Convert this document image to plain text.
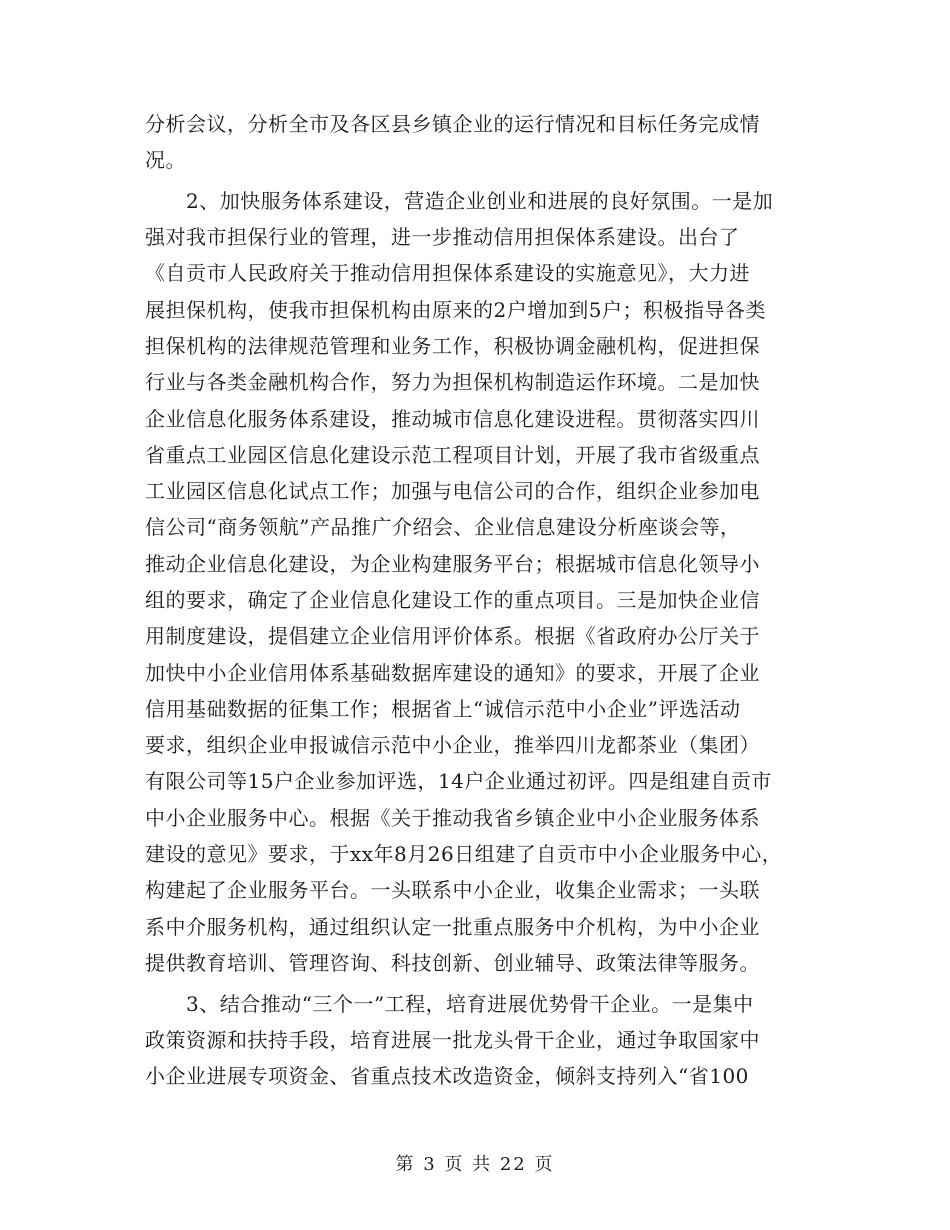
分析会议，分析全市及各区县乡镇企业的运行情况和目标任务完成情
况。
2、加快服务体系建设，营造企业创业和进展的良好氛围。一是加
强对我市担保行业的管理，进一步推动信用担保体系建设。出台了
《自贡市人民政府关于推动信用担保体系建设的实施意见》，大力进
展担保机构，使我市担保机构由原来的2户增加到5户；积极指导各类
担保机构的法律规范管理和业务工作，积极协调金融机构，促进担保
行业与各类金融机构合作，努力为担保机构制造运作环境。二是加快
企业信息化服务体系建设，推动城市信息化建设进程。贯彻落实四川
省重点工业园区信息化建设示范工程项目计划，开展了我市省级重点
工业园区信息化试点工作；加强与电信公司的合作，组织企业参加电
信公司“商务领航”产品推广介绍会、企业信息建设分析座谈会等，
推动企业信息化建设，为企业构建服务平台；根据城市信息化领导小
组的要求，确定了企业信息化建设工作的重点项目。三是加快企业信
用制度建设，提倡建立企业信用评价体系。根据《省政府办公厅关于
加快中小企业信用体系基础数据库建设的通知》的要求，开展了企业
信用基础数据的征集工作；根据省上“诚信示范中小企业”评选活动
要求，组织企业申报诚信示范中小企业，推举四川龙都茶业（集团）
有限公司等15户企业参加评选，14户企业通过初评。四是组建自贡市
中小企业服务中心。根据《关于推动我省乡镇企业中小企业服务体系
建设的意见》要求，于xx年8月26日组建了自贡市中小企业服务中心，
构建起了企业服务平台。一头联系中小企业，收集企业需求；一头联
系中介服务机构，通过组织认定一批重点服务中介机构，为中小企业
提供教育培训、管理咨询、科技创新、创业辅导、政策法律等服务。
3、结合推动“三个一”工程，培育进展优势骨干企业。一是集中
政策资源和扶持手段，培育进展一批龙头骨干企业，通过争取国家中
小企业进展专项资金、省重点技术改造资金，倾斜支持列入“省100
第 3 页 共 22 页
